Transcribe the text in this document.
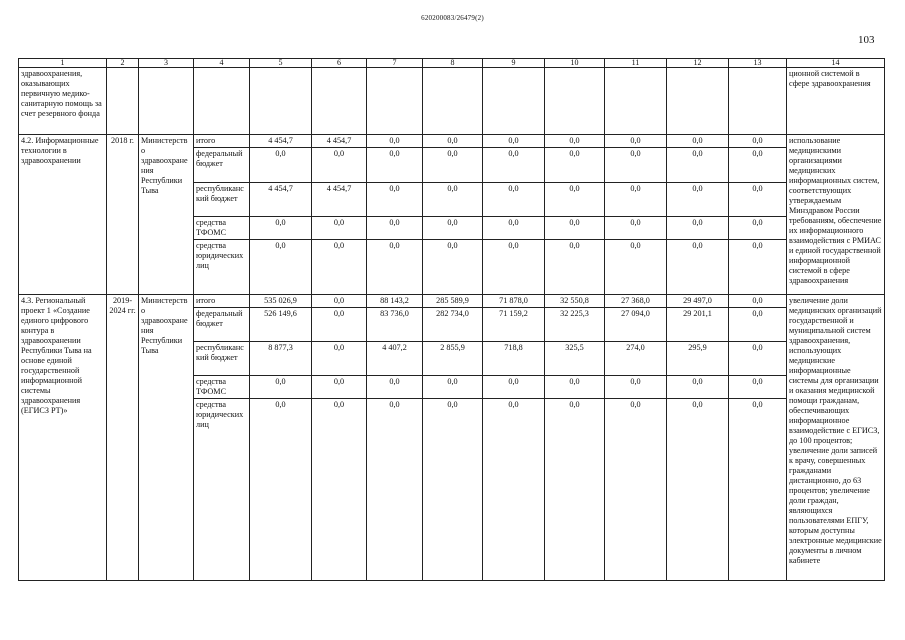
620200083/26479(2)
103
1	2	3	4	5	6	7	8	9	10	11	12	13	14
здравоохранения, оказывающих первичную медико-санитарную помощь за счет резервного фонда													ционной системой в сфере здравоохранения
4.2. Информационные технологии в здравоохранении	2018 г.	Министерство здравоохранения Республики Тыва	итого	4 454,7	4 454,7	0,0	0,0	0,0	0,0	0,0	0,0	0,0	использование медицинскими организациями медицинских информационных систем, соответствующих утверждаемым Минздравом России требованиям, обеспечение их информационного взаимодействия с РМИАС и единой государственной информационной системой в сфере здравоохранения
			федеральный бюджет	0,0	0,0	0,0	0,0	0,0	0,0	0,0	0,0	0,0	
			республиканский бюджет	4 454,7	4 454,7	0,0	0,0	0,0	0,0	0,0	0,0	0,0	
			средства ТФОМС	0,0	0,0	0,0	0,0	0,0	0,0	0,0	0,0	0,0	
			средства юридических лиц	0,0	0,0	0,0	0,0	0,0	0,0	0,0	0,0	0,0	
4.3. Региональный проект 1 «Создание единого цифрового контура в здравоохранении Республики Тыва на основе единой государственной информационной системы здравоохранения (ЕГИСЗ РТ)»	2019-2024 гг.	Министерство здравоохранения Республики Тыва	итого	535 026,9	0,0	88 143,2	285 589,9	71 878,0	32 550,8	27 368,0	29 497,0	0,0	увеличение доли медицинских организаций государственной и муниципальной систем здравоохранения, использующих медицинские информационные системы для организации и оказания медицинской помощи гражданам, обеспечивающих информационное взаимодействие с ЕГИСЗ, до 100 процентов; увеличение доли записей к врачу, совершенных гражданами дистанционно, до 63 процентов; увеличение доли граждан, являющихся пользователями ЕПГУ, которым доступны электронные медицинские документы в личном кабинете
			федеральный бюджет	526 149,6	0,0	83 736,0	282 734,0	71 159,2	32 225,3	27 094,0	29 201,1	0,0	
			республиканский бюджет	8 877,3	0,0	4 407,2	2 855,9	718,8	325,5	274,0	295,9	0,0	
			средства ТФОМС	0,0	0,0	0,0	0,0	0,0	0,0	0,0	0,0	0,0	
			средства юридических лиц	0,0	0,0	0,0	0,0	0,0	0,0	0,0	0,0	0,0	
